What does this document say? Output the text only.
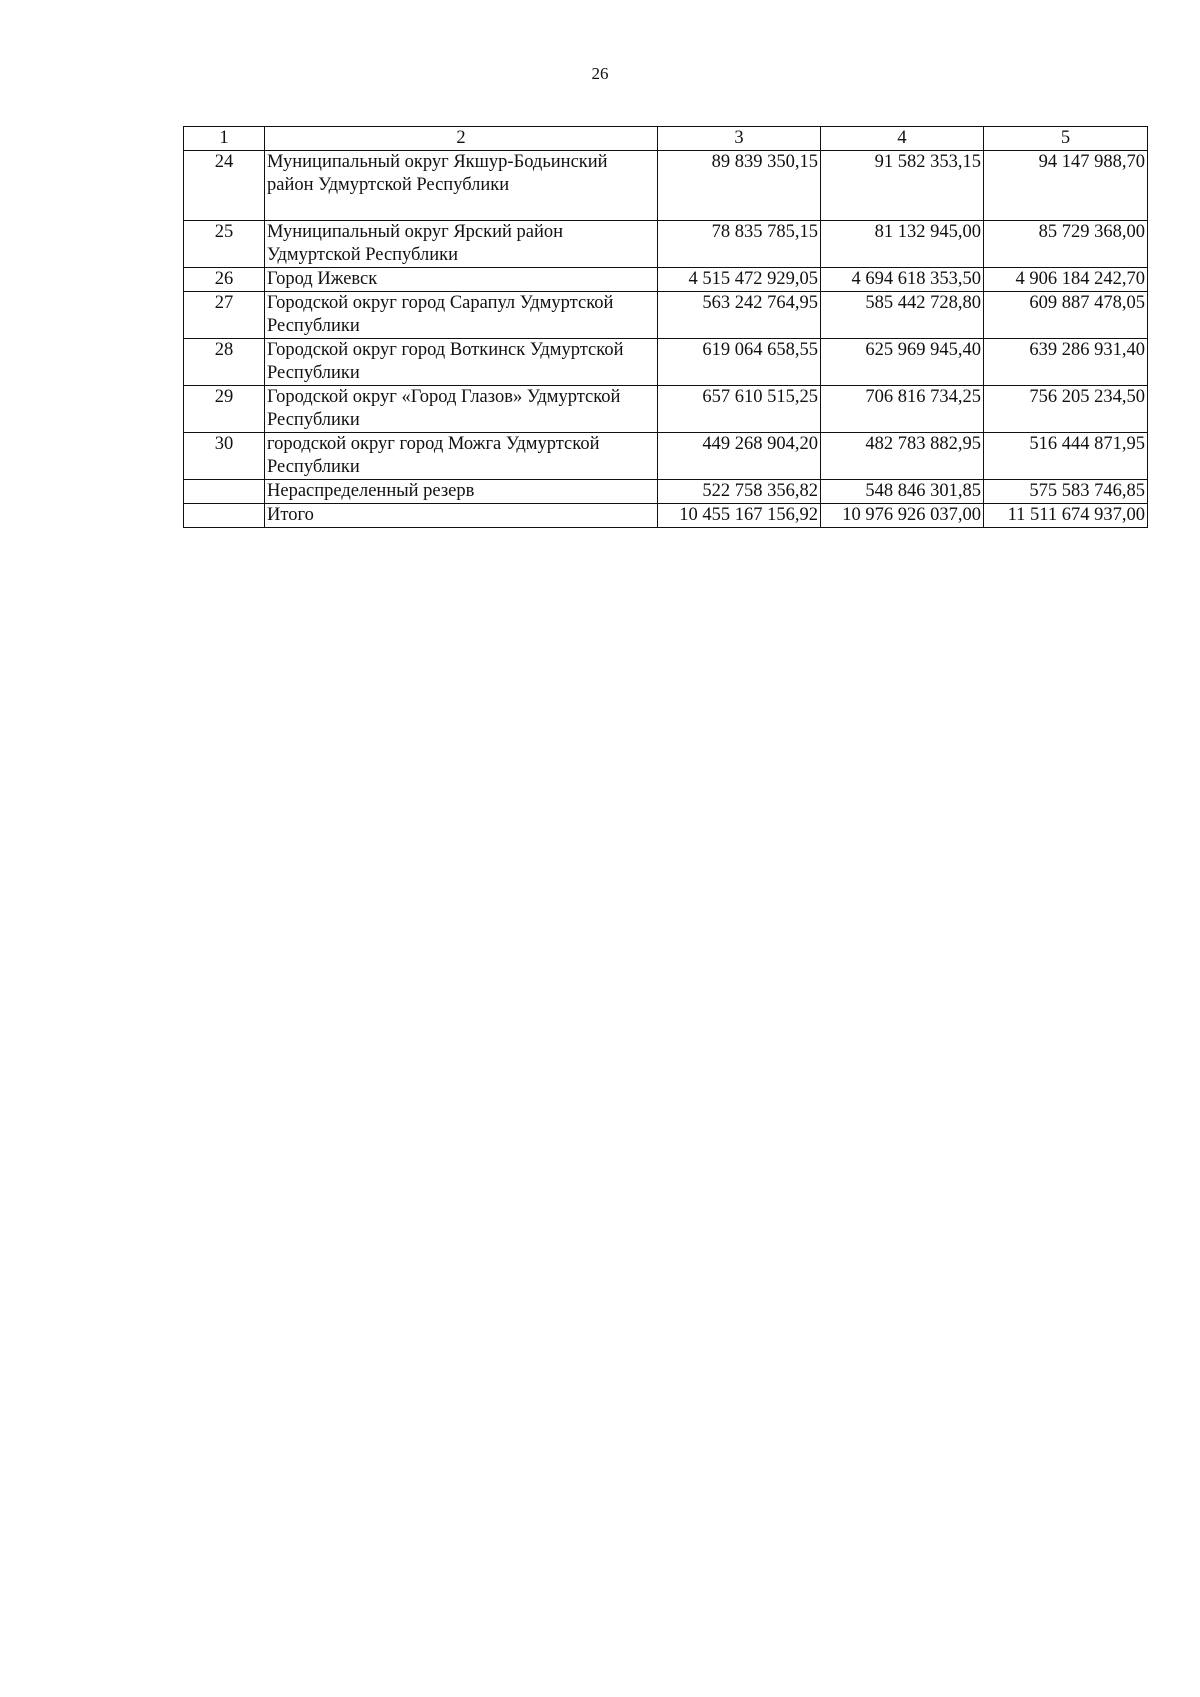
26
1	2	3	4	5
24	Муниципальный округ Якшур-Бодьинский район Удмуртской Республики	89 839 350,15	91 582 353,15	94 147 988,70
25	Муниципальный округ Ярский район Удмуртской Республики	78 835 785,15	81 132 945,00	85 729 368,00
26	Город Ижевск	4 515 472 929,05	4 694 618 353,50	4 906 184 242,70
27	Городской округ город Сарапул Удмуртской Республики	563 242 764,95	585 442 728,80	609 887 478,05
28	Городской округ город Воткинск Удмуртской Республики	619 064 658,55	625 969 945,40	639 286 931,40
29	Городской округ «Город Глазов» Удмуртской Республики	657 610 515,25	706 816 734,25	756 205 234,50
30	городской округ город Можга Удмуртской Республики	449 268 904,20	482 783 882,95	516 444 871,95
	Нераспределенный резерв	522 758 356,82	548 846 301,85	575 583 746,85
	Итого	10 455 167 156,92	10 976 926 037,00	11 511 674 937,00
